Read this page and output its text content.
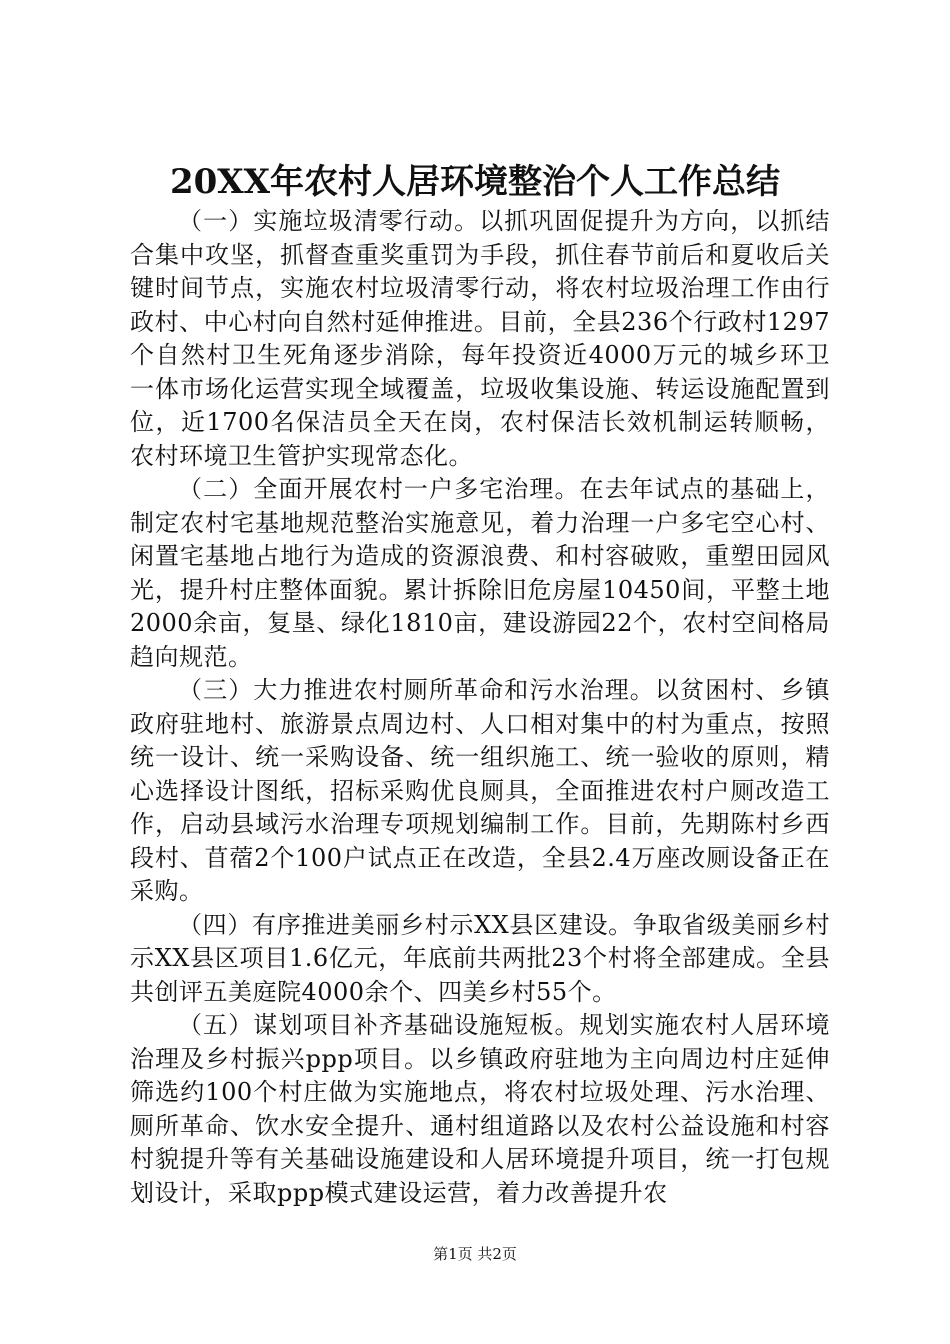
20XX年农村人居环境整治个人工作总结

（一）实施垃圾清零行动。以抓巩固促提升为方向，以抓结合集中攻坚，抓督查重奖重罚为手段，抓住春节前后和夏收后关键时间节点，实施农村垃圾清零行动，将农村垃圾治理工作由行政村、中心村向自然村延伸推进。目前，全县236个行政村1297个自然村卫生死角逐步消除，每年投资近4000万元的城乡环卫一体市场化运营实现全域覆盖，垃圾收集设施、转运设施配置到位，近1700名保洁员全天在岗，农村保洁长效机制运转顺畅，农村环境卫生管护实现常态化。

（二）全面开展农村一户多宅治理。在去年试点的基础上，制定农村宅基地规范整治实施意见，着力治理一户多宅空心村、闲置宅基地占地行为造成的资源浪费、和村容破败，重塑田园风光，提升村庄整体面貌。累计拆除旧危房屋10450间，平整土地2000余亩，复垦、绿化1810亩，建设游园22个，农村空间格局趋向规范。

（三）大力推进农村厕所革命和污水治理。以贫困村、乡镇政府驻地村、旅游景点周边村、人口相对集中的村为重点，按照统一设计、统一采购设备、统一组织施工、统一验收的原则，精心选择设计图纸，招标采购优良厕具，全面推进农村户厕改造工作，启动县域污水治理专项规划编制工作。目前，先期陈村乡西段村、苜蓿2个100户试点正在改造，全县2.4万座改厕设备正在采购。

（四）有序推进美丽乡村示XX县区建设。争取省级美丽乡村示XX县区项目1.6亿元，年底前共两批23个村将全部建成。全县共创评五美庭院4000余个、四美乡村55个。

（五）谋划项目补齐基础设施短板。规划实施农村人居环境治理及乡村振兴ppp项目。以乡镇政府驻地为主向周边村庄延伸筛选约100个村庄做为实施地点，将农村垃圾处理、污水治理、厕所革命、饮水安全提升、通村组道路以及农村公益设施和村容村貌提升等有关基础设施建设和人居环境提升项目，统一打包规划设计，采取ppp模式建设运营，着力改善提升农

第1页 共2页
